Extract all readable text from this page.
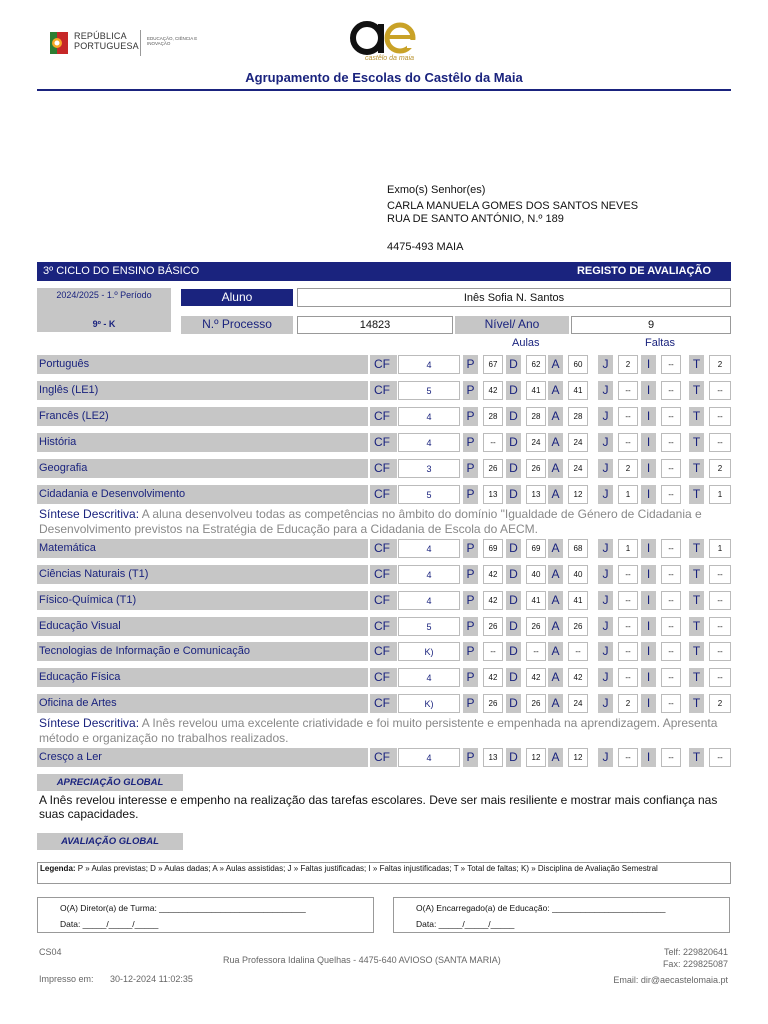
REPÚBLICA
PORTUGUESA
EDUCAÇÃO, CIÊNCIA E INOVAÇÃO
castêlo da maia
Agrupamento de Escolas do Castêlo da Maia
Exmo(s) Senhor(es)
CARLA MANUELA GOMES DOS SANTOS NEVES
RUA DE SANTO ANTÓNIO, N.º 189
4475-493 MAIA
3º CICLO DO ENSINO BÁSICO	REGISTO DE AVALIAÇÃO
2024/2025 - 1.º Período
9º - K
Aluno	Inês Sofia N. Santos
N.º Processo	14823	Nível/ Ano	9
Aulas	Faltas
Português	CF	4	P	67 D	62 A	60	J	2	I	--	T	2
Inglês (LE1)	CF	5	P	42 D	41 A	41	J	--	I	--	T	--
Francês (LE2)	CF	4	P	28 D	28 A	28	J	--	I	--	T	--
História	CF	4	P	--	D	24 A	24	J	--	I	--	T	--
Geografia	CF	3	P	26 D	26 A	24	J	2	I	--	T	2
Cidadania e Desenvolvimento	CF	5	P	13 D	13 A	12	J	1	I	--	T	1
Matemática	CF	4	P	69 D	69 A	68	J	1	I	--	T	1
Ciências Naturais (T1)	CF	4	P	42 D	40 A	40	J	--	I	--	T	--
Físico-Química (T1)	CF	4	P	42 D	41 A	41	J	--	I	--	T	--
Educação Visual	CF	5	P	26 D	26 A	26	J	--	I	--	T	--
Tecnologias de Informação e Comunicação	CF	K)	P	--	D	--	A	--	J	--	I	--	T	--
Educação Física	CF	4	P	42 D	42 A	42	J	--	I	--	T	--
Oficina de Artes	CF	K)	P	26 D	26 A	24	J	2	I	--	T	2
Cresço a Ler	CF	4	P	13 D	12 A	12	J	--	I	--	T	--
Síntese Descritiva: A aluna desenvolveu todas as competências no âmbito do domínio "Igualdade de Género de Cidadania e Desenvolvimento previstos na Estratégia de Educação para a Cidadania de Escola do AECM.
Síntese Descritiva: A Inês revelou uma excelente criatividade e foi muito persistente e empenhada na aprendizagem. Apresenta método e organização no trabalhos realizados.
APRECIAÇÃO GLOBAL
A Inês revelou interesse e empenho na realização das tarefas escolares. Deve ser mais resiliente e mostrar mais confiança nas suas capacidades.
AVALIAÇÃO GLOBAL
Legenda: P » Aulas previstas; D » Aulas dadas; A » Aulas assistidas; J » Faltas justificadas; I » Faltas injustificadas; T » Total de faltas; K) » Disciplina de Avaliação Semestral
O(A) Diretor(a) de Turma: _______________________________
Data: _____/_____/_____
O(A) Encarregado(a) de Educação: ________________________
Data: _____/_____/_____
CS04
Rua Professora Idalina Quelhas - 4475-640 AVIOSO (SANTA MARIA)
Telf: 229820641
Fax: 229825087
Impresso em: 30-12-2024 11:02:35	Email: dir@aecastelomaia.pt
